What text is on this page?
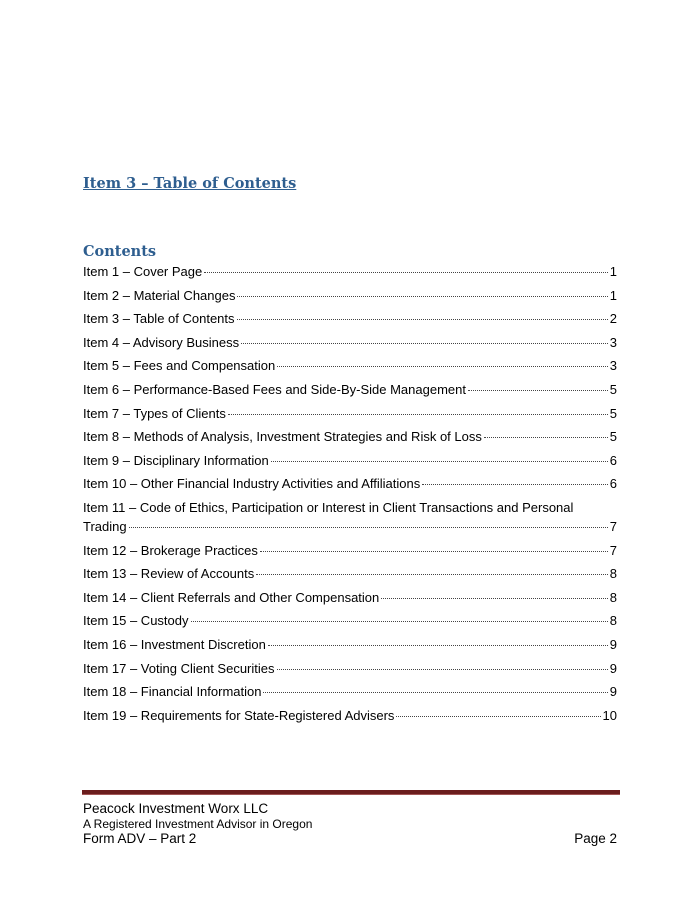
Item 3 – Table of Contents
Contents
Item 1 – Cover Page	1
Item 2 – Material Changes	1
Item 3 – Table of Contents	2
Item 4 – Advisory Business	3
Item 5 – Fees and Compensation	3
Item 6 – Performance-Based Fees and Side-By-Side Management	5
Item 7 – Types of Clients	5
Item 8 – Methods of Analysis, Investment Strategies and Risk of Loss	5
Item 9 – Disciplinary Information	6
Item 10 – Other Financial Industry Activities and Affiliations	6
Item 11 – Code of Ethics, Participation or Interest in Client Transactions and Personal
Trading	7
Item 12 – Brokerage Practices	7
Item 13 – Review of Accounts	8
Item 14 – Client Referrals and Other Compensation	8
Item 15 – Custody	8
Item 16 – Investment Discretion	9
Item 17 – Voting Client Securities	9
Item 18 – Financial Information	9
Item 19 – Requirements for State-Registered Advisers	10
Peacock Investment Worx LLC
A Registered Investment Advisor in Oregon
Form ADV – Part 2	Page 2
